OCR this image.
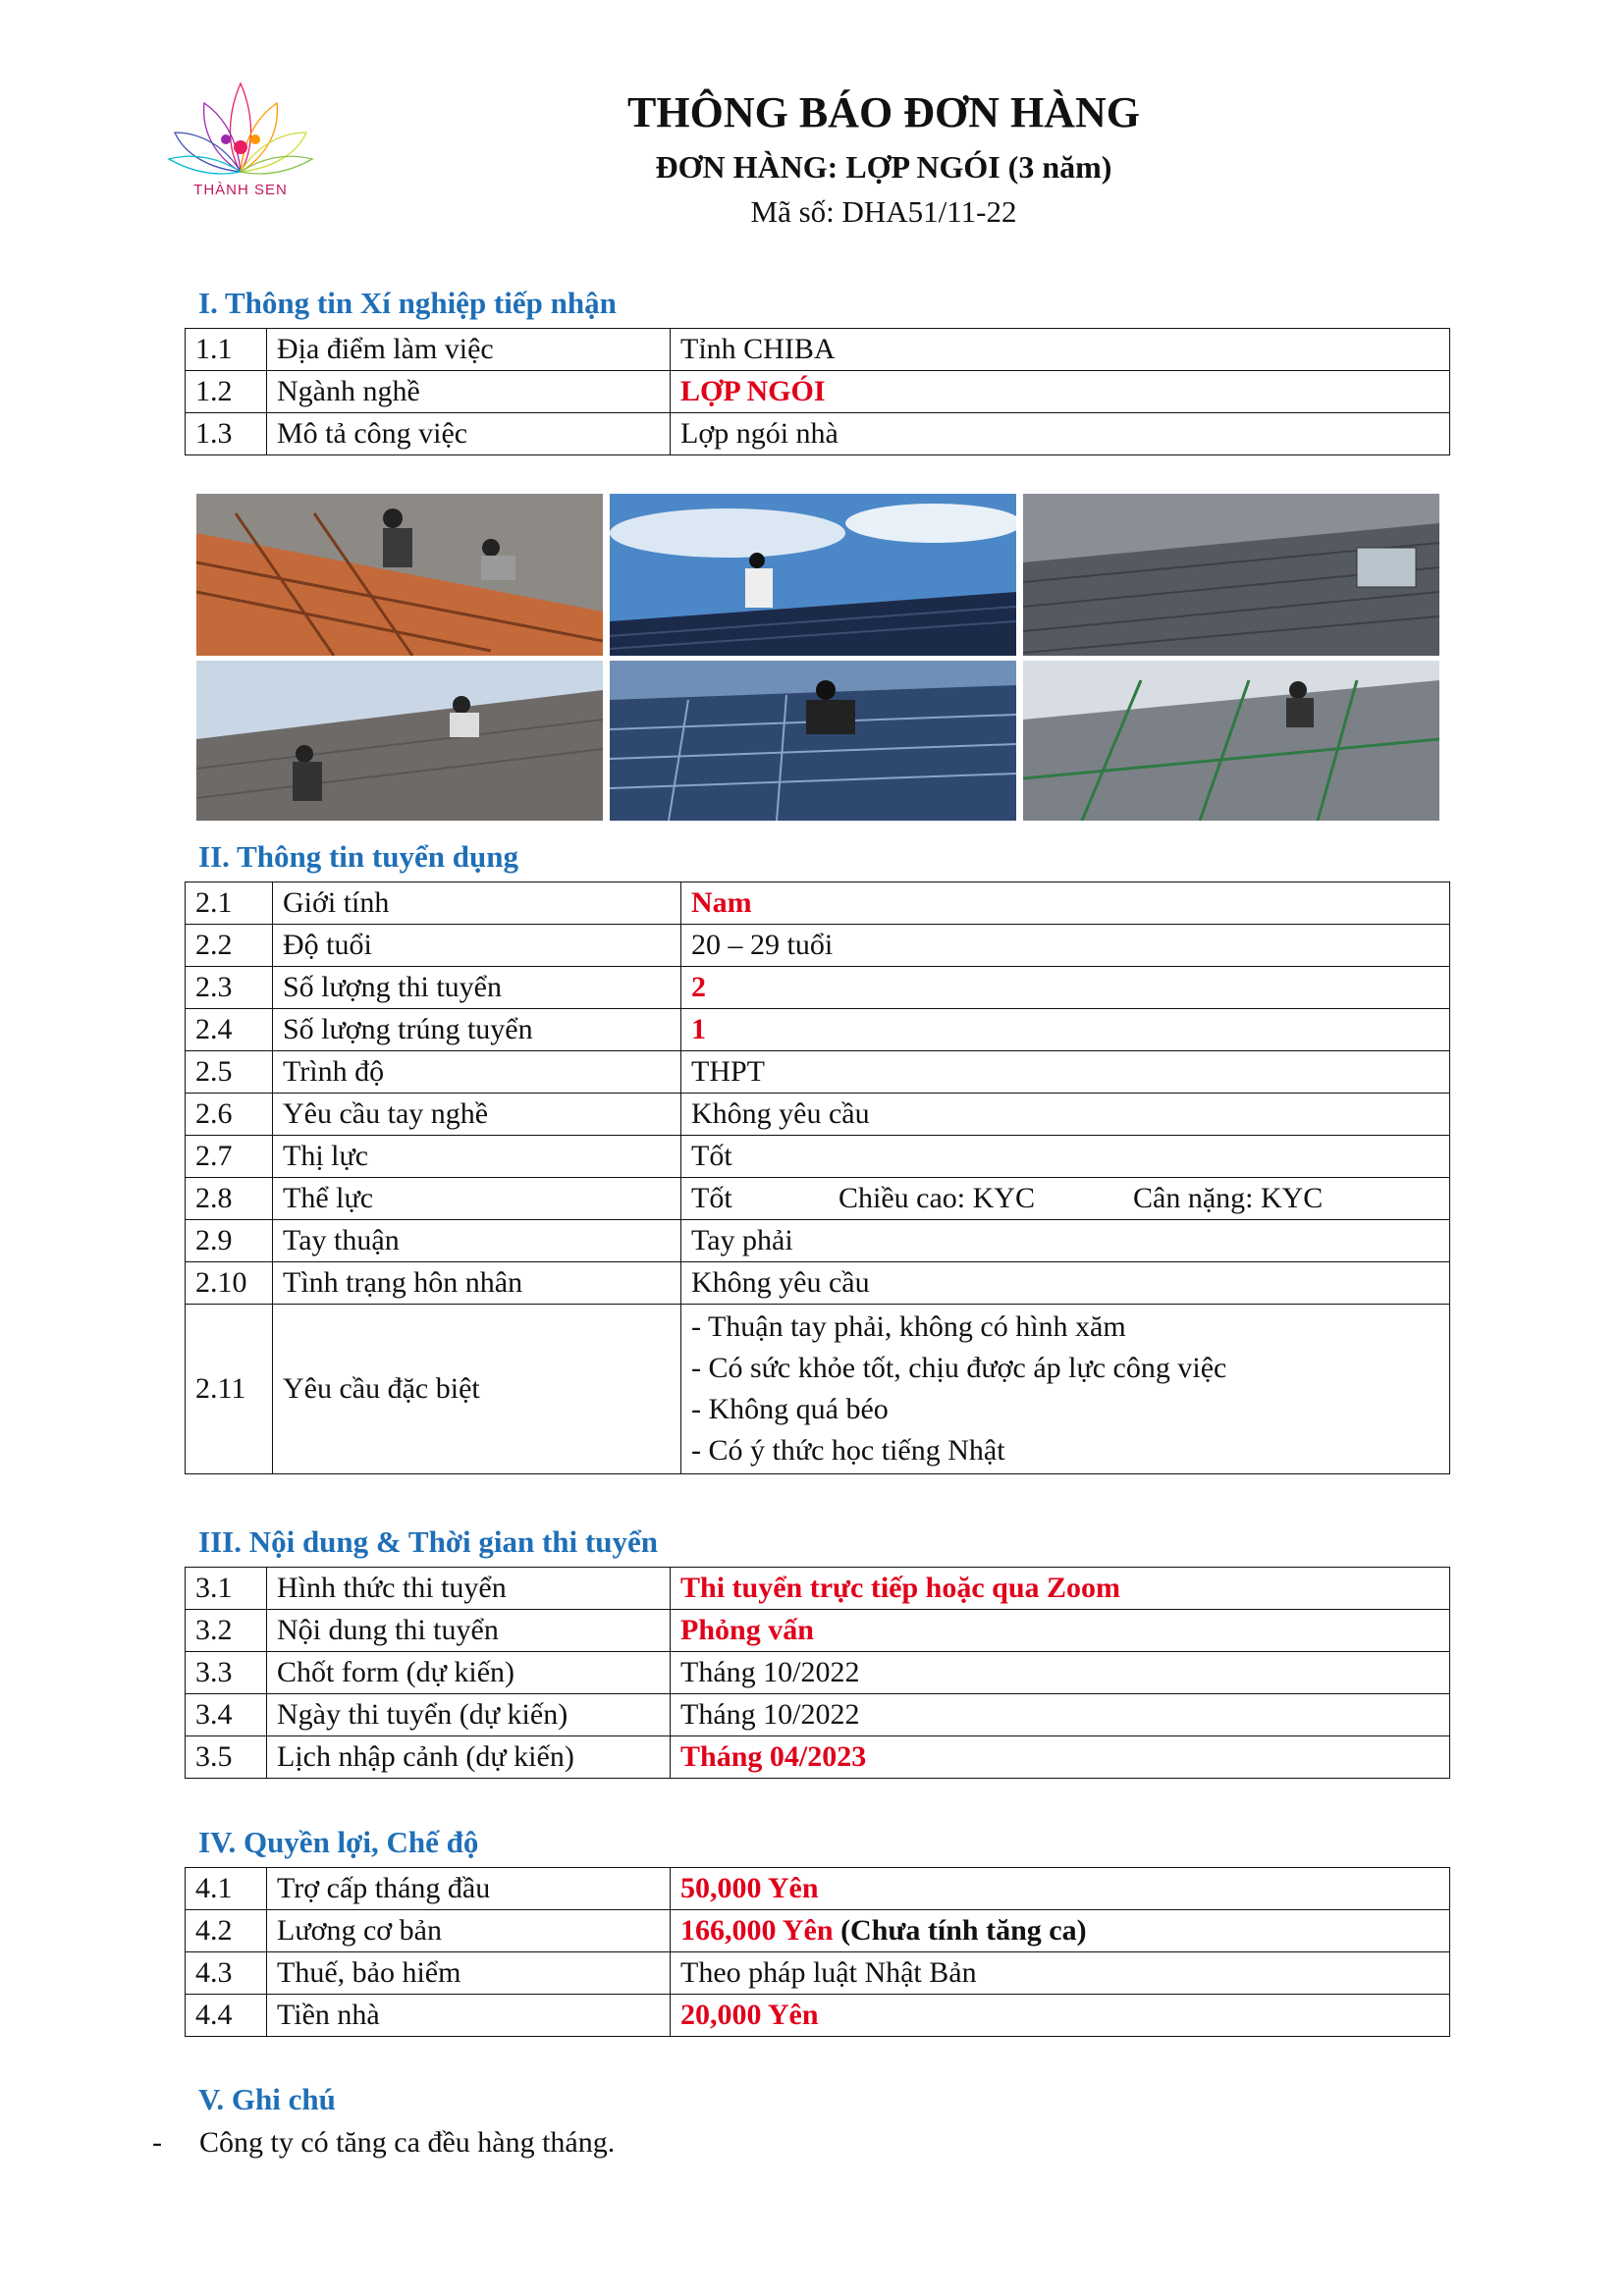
THÀNH SEN
THÔNG BÁO ĐƠN HÀNG
ĐƠN HÀNG: LỢP NGÓI (3 năm)
Mã số: DHA51/11-22
I. Thông tin Xí nghiệp tiếp nhận
1.1	Địa điểm làm việc	Tỉnh CHIBA
1.2	Ngành nghề	LỢP NGÓI
1.3	Mô tả công việc	Lợp ngói nhà
II. Thông tin tuyển dụng
2.1	Giới tính	Nam
2.2	Độ tuổi	20 – 29 tuổi
2.3	Số lượng thi tuyển	2
2.4	Số lượng trúng tuyển	1
2.5	Trình độ	THPT
2.6	Yêu cầu tay nghề	Không yêu cầu
2.7	Thị lực	Tốt
2.8	Thể lực	Tốt Chiều cao: KYC Cân nặng: KYC
2.9	Tay thuận	Tay phải
2.10	Tình trạng hôn nhân	Không yêu cầu
2.11	Yêu cầu đặc biệt	- Thuận tay phải, không có hình xăm
- Có sức khỏe tốt, chịu được áp lực công việc
- Không quá béo
- Có ý thức học tiếng Nhật
III. Nội dung & Thời gian thi tuyển
3.1	Hình thức thi tuyển	Thi tuyển trực tiếp hoặc qua Zoom
3.2	Nội dung thi tuyển	Phỏng vấn
3.3	Chốt form (dự kiến)	Tháng 10/2022
3.4	Ngày thi tuyển (dự kiến)	Tháng 10/2022
3.5	Lịch nhập cảnh (dự kiến)	Tháng 04/2023
IV. Quyền lợi, Chế độ
4.1	Trợ cấp tháng đầu	50,000 Yên
4.2	Lương cơ bản	166,000 Yên (Chưa tính tăng ca)
4.3	Thuế, bảo hiểm	Theo pháp luật Nhật Bản
4.4	Tiền nhà	20,000 Yên
V. Ghi chú
- Công ty có tăng ca đều hàng tháng.
